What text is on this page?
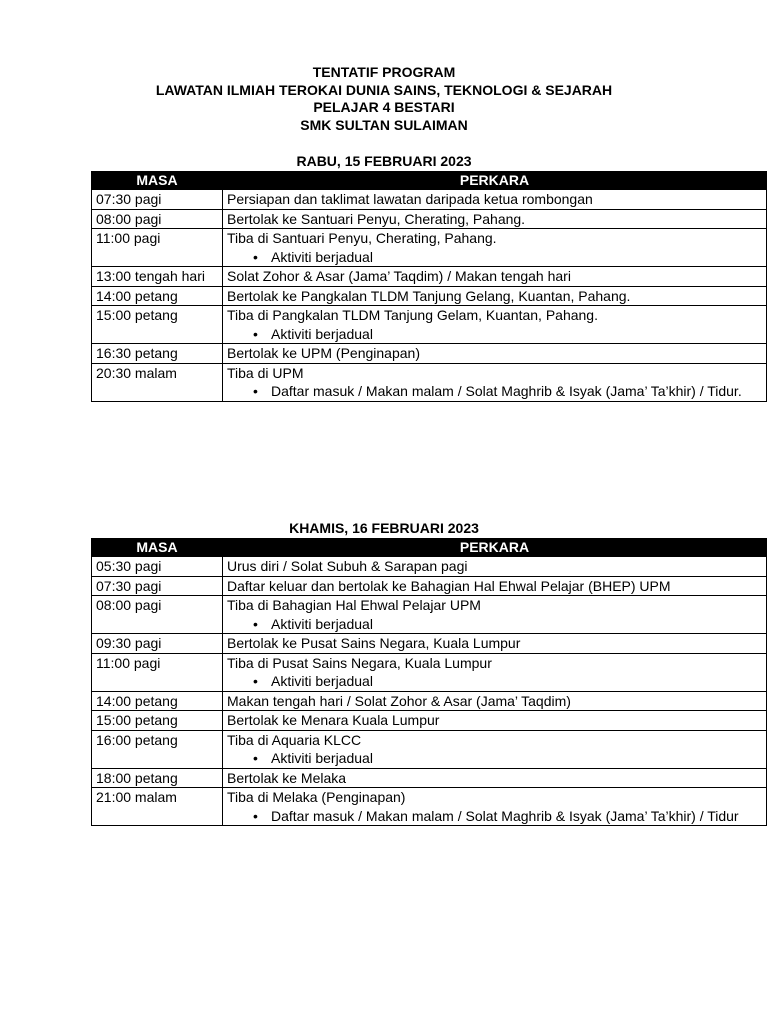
TENTATIF PROGRAM
LAWATAN ILMIAH TEROKAI DUNIA SAINS, TEKNOLOGI & SEJARAH
PELAJAR 4 BESTARI
SMK SULTAN SULAIMAN
RABU, 15 FEBRUARI 2023
MASA	PERKARA
07:30 pagi	Persiapan dan taklimat lawatan daripada ketua rombongan

08:00 pagi	Bertolak ke Santuari Penyu, Cherating, Pahang.

11:00 pagi	Tiba di Santuari Penyu, Cherating, Pahang.
• Aktiviti berjadual

13:00 tengah hari	Solat Zohor & Asar (Jama’ Taqdim) / Makan tengah hari

14:00 petang	Bertolak ke Pangkalan TLDM Tanjung Gelang, Kuantan, Pahang.

15:00 petang	Tiba di Pangkalan TLDM Tanjung Gelam, Kuantan, Pahang.
• Aktiviti berjadual

16:30 petang	Bertolak ke UPM (Penginapan)

20:30 malam	Tiba di UPM
• Daftar masuk / Makan malam / Solat Maghrib & Isyak (Jama’ Ta’khir) / Tidur.
KHAMIS, 16 FEBRUARI 2023
MASA	PERKARA
05:30 pagi	Urus diri / Solat Subuh & Sarapan pagi

07:30 pagi	Daftar keluar dan bertolak ke Bahagian Hal Ehwal Pelajar (BHEP) UPM

08:00 pagi	Tiba di Bahagian Hal Ehwal Pelajar UPM
• Aktiviti berjadual

09:30 pagi	Bertolak ke Pusat Sains Negara, Kuala Lumpur

11:00 pagi	Tiba di Pusat Sains Negara, Kuala Lumpur
• Aktiviti berjadual

14:00 petang	Makan tengah hari / Solat Zohor & Asar (Jama’ Taqdim)

15:00 petang	Bertolak ke Menara Kuala Lumpur

16:00 petang	Tiba di Aquaria KLCC
• Aktiviti berjadual

18:00 petang	Bertolak ke Melaka

21:00 malam	Tiba di Melaka (Penginapan)
• Daftar masuk / Makan malam / Solat Maghrib & Isyak (Jama’ Ta’khir) / Tidur
